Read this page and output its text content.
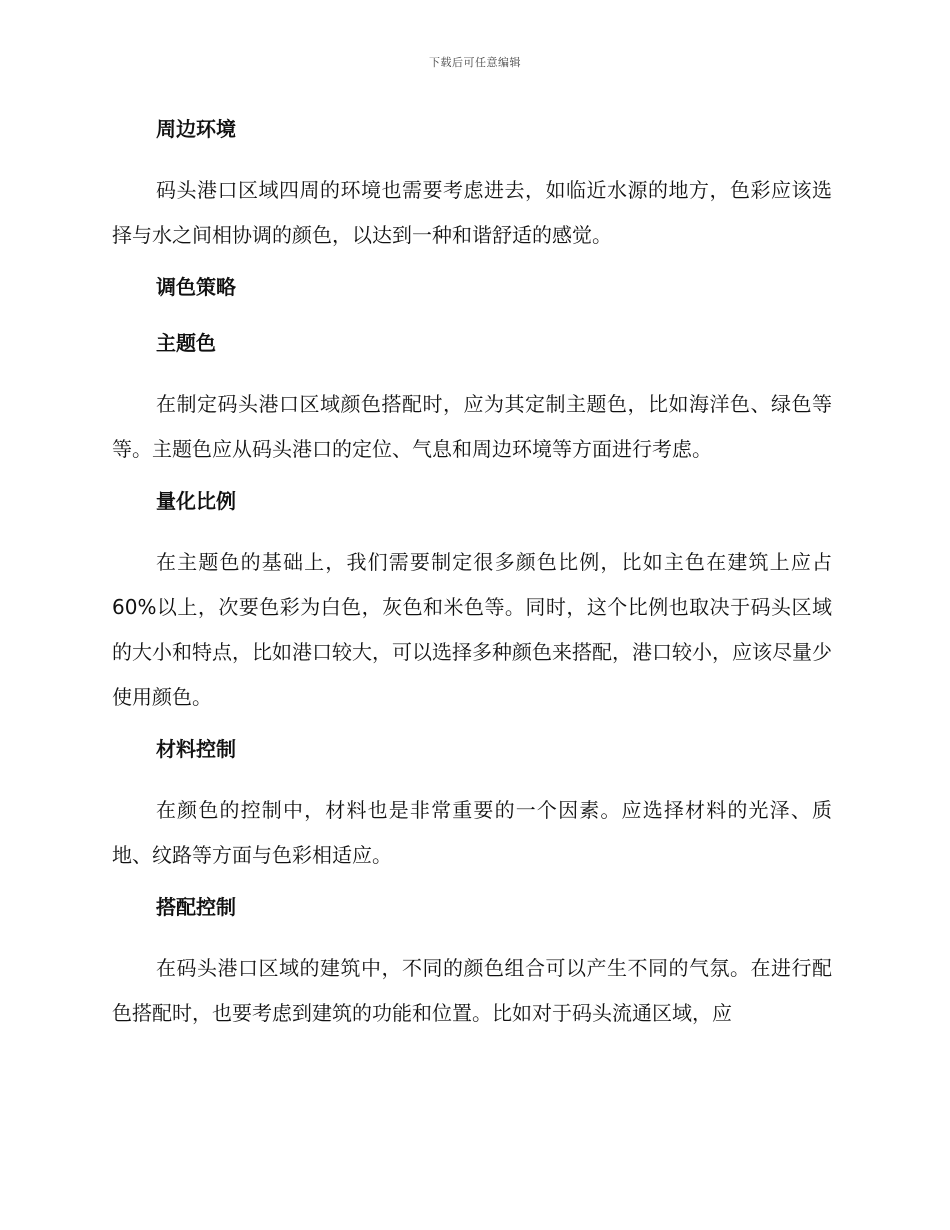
下载后可任意编辑
周边环境

码头港口区域四周的环境也需要考虑进去，如临近水源的地方，色彩应该选择与水之间相协调的颜色，以达到一种和谐舒适的感觉。

调色策略
主题色

在制定码头港口区域颜色搭配时，应为其定制主题色，比如海洋色、绿色等等。主题色应从码头港口的定位、气息和周边环境等方面进行考虑。

量化比例

在主题色的基础上，我们需要制定很多颜色比例，比如主色在建筑上应占 60%以上，次要色彩为白色，灰色和米色等。同时，这个比例也取决于码头区域的大小和特点，比如港口较大，可以选择多种颜色来搭配，港口较小，应该尽量少使用颜色。

材料控制

在颜色的控制中，材料也是非常重要的一个因素。应选择材料的光泽、质地、纹路等方面与色彩相适应。

搭配控制

在码头港口区域的建筑中，不同的颜色组合可以产生不同的气氛。在进行配色搭配时，也要考虑到建筑的功能和位置。比如对于码头流通区域，应
